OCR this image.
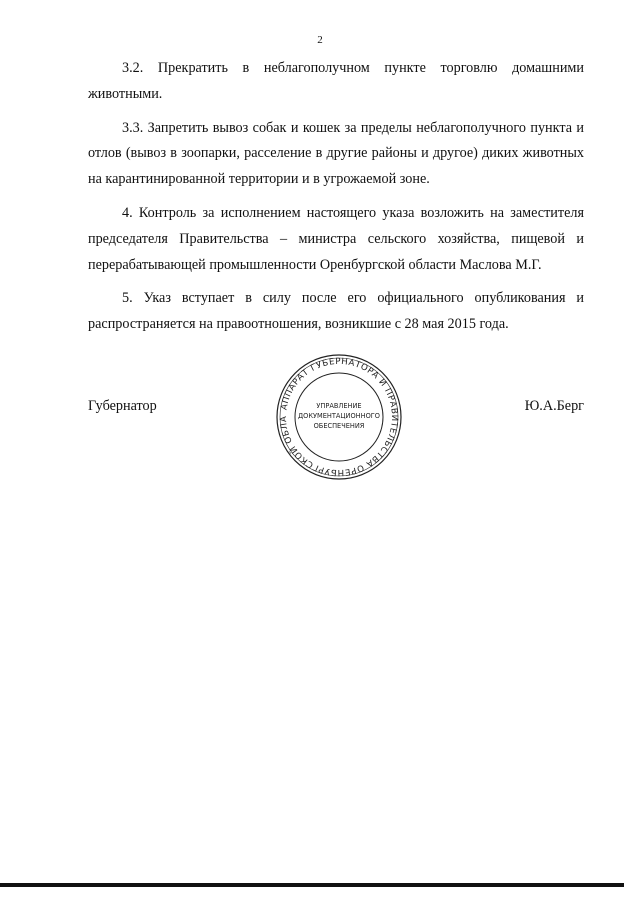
2

3.2. Прекратить в неблагополучном пункте торговлю домашними животными.

3.3. Запретить вывоз собак и кошек за пределы неблагополучного пункта и отлов (вывоз в зоопарки, расселение в другие районы и другое) диких животных на карантинированной территории и в угрожаемой зоне.

4. Контроль за исполнением настоящего указа возложить на заместителя председателя Правительства – министра сельского хозяйства, пищевой и перерабатывающей промышленности Оренбургской области Маслова М.Г.

5. Указ вступает в силу после его официального опубликования и распространяется на правоотношения, возникшие с 28 мая 2015 года.

АППАРАТ ГУБЕРНАТОРА И ПРАВИТЕЛЬСТВА ОРЕНБУРГСКОЙ ОБЛА
УПРАВЛЕНИЕ
ДОКУМЕНТАЦИОННОГО
ОБЕСПЕЧЕНИЯ
Губернатор	Ю.А.Берг
